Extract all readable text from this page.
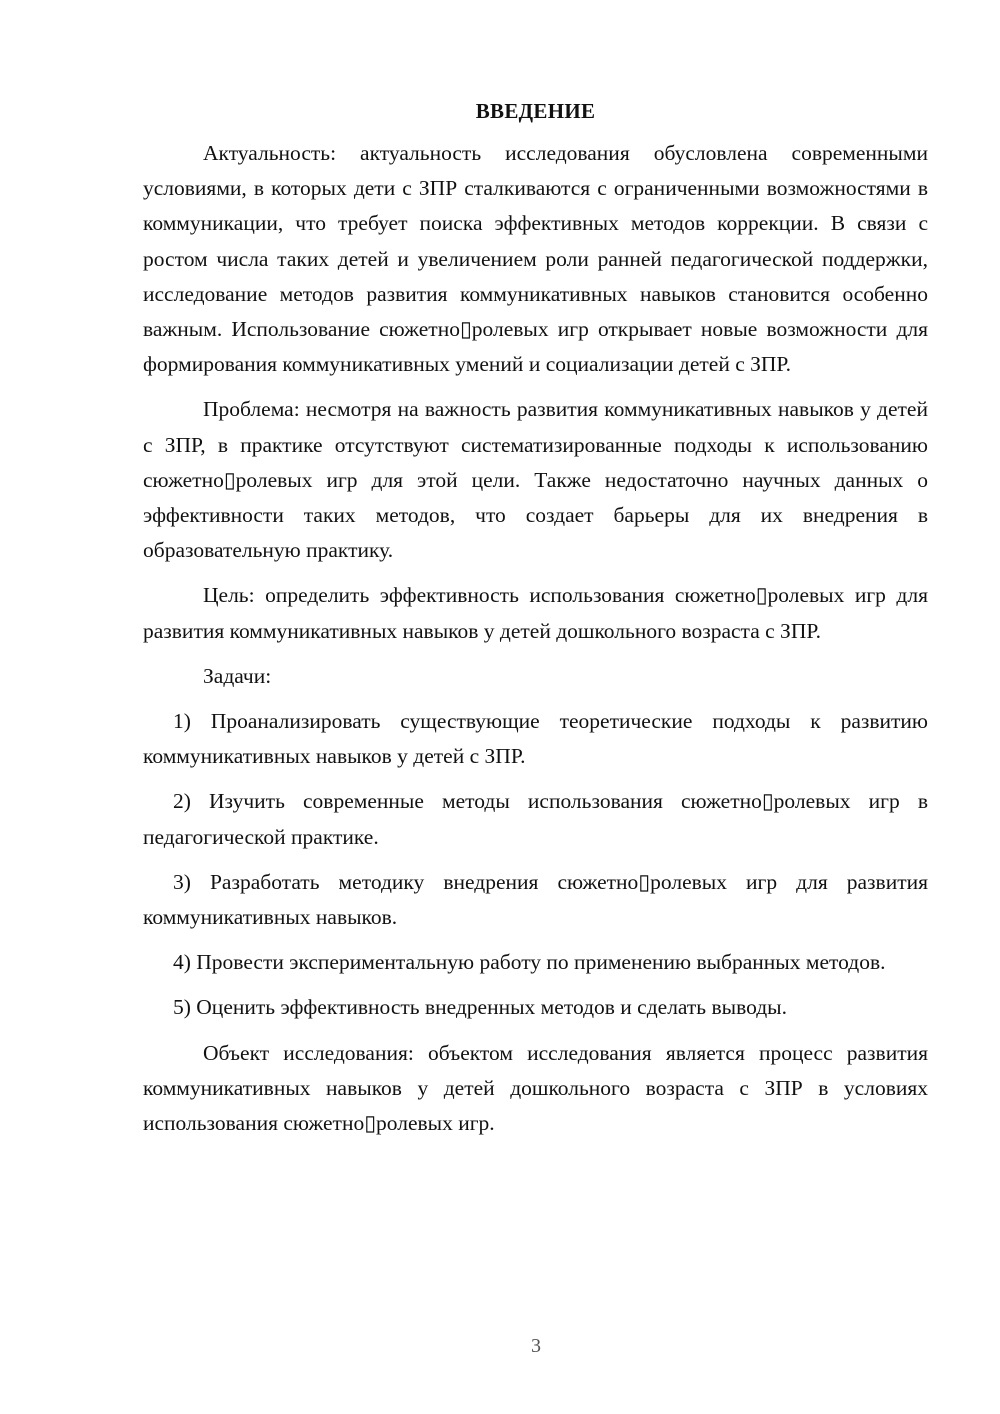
ВВЕДЕНИЕ

Актуальность: актуальность исследования обусловлена современными условиями, в которых дети с ЗПР сталкиваются с ограниченными возможностями в коммуникации, что требует поиска эффективных методов коррекции. В связи с ростом числа таких детей и увеличением роли ранней педагогической поддержки, исследование методов развития коммуникативных навыков становится особенно важным. Использование сюжетно▯ролевых игр открывает новые возможности для формирования коммуникативных умений и социализации детей с ЗПР.

Проблема: несмотря на важность развития коммуникативных навыков у детей с ЗПР, в практике отсутствуют систематизированные подходы к использованию сюжетно▯ролевых игр для этой цели. Также недостаточно научных данных о эффективности таких методов, что создает барьеры для их внедрения в образовательную практику.

Цель: определить эффективность использования сюжетно▯ролевых игр для развития коммуникативных навыков у детей дошкольного возраста с ЗПР.

Задачи:

1) Проанализировать существующие теоретические подходы к развитию коммуникативных навыков у детей с ЗПР.

2) Изучить современные методы использования сюжетно▯ролевых игр в педагогической практике.

3) Разработать методику внедрения сюжетно▯ролевых игр для развития коммуникативных навыков.

4) Провести экспериментальную работу по применению выбранных методов.

5) Оценить эффективность внедренных методов и сделать выводы.

Объект исследования: объектом исследования является процесс развития коммуникативных навыков у детей дошкольного возраста с ЗПР в условиях использования сюжетно▯ролевых игр.

3
